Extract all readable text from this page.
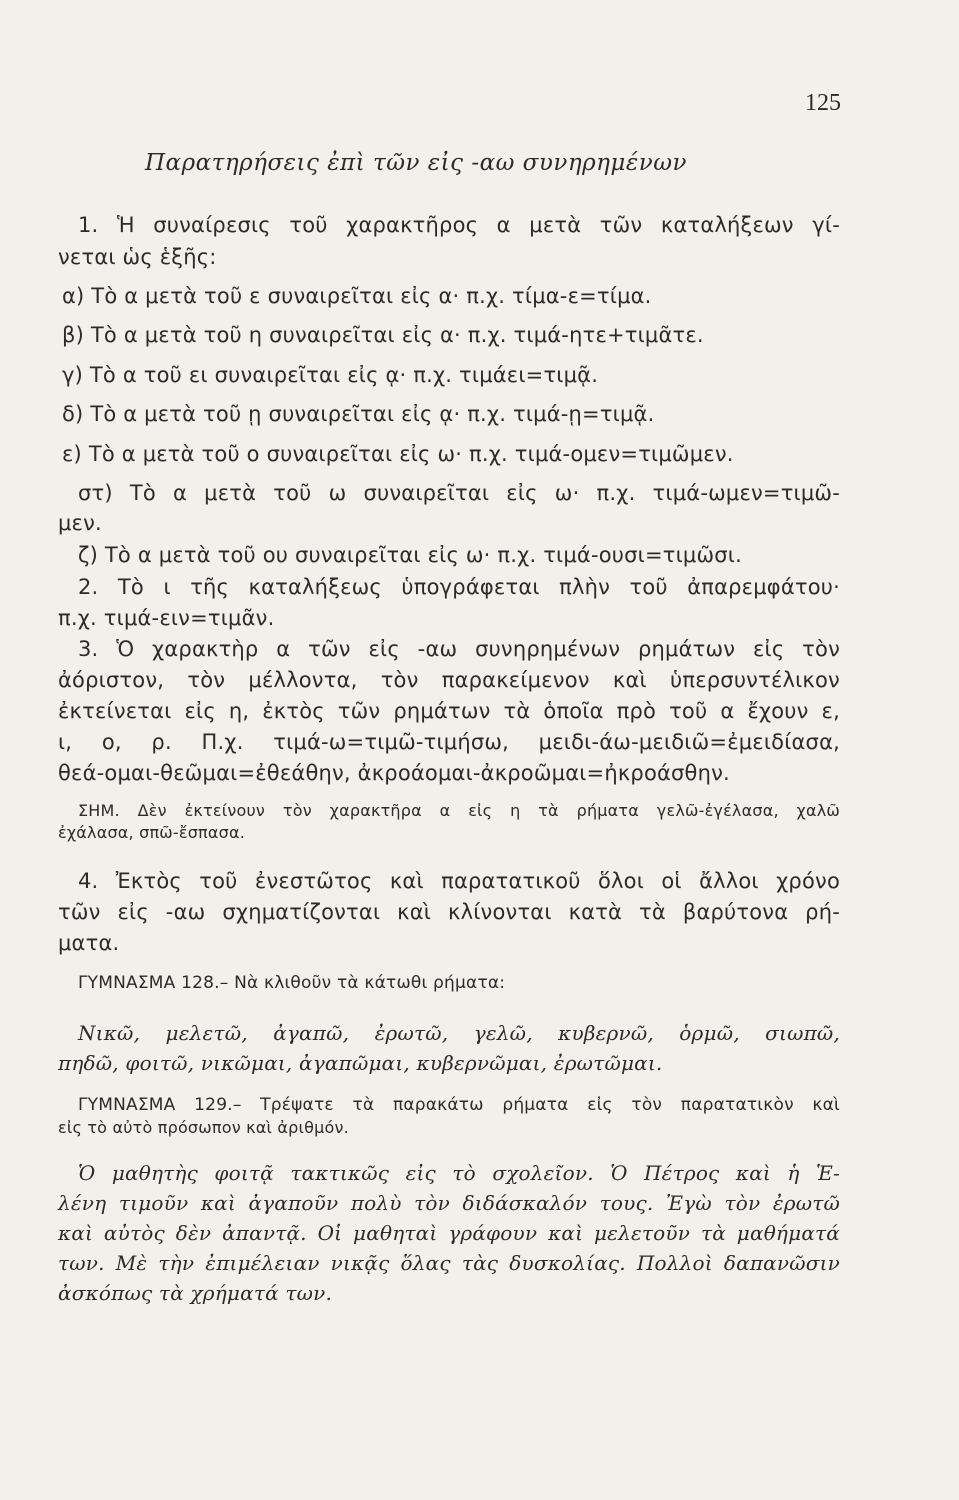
125
Παρατηρήσεις ἐπὶ τῶν εἰς -αω συνηρημένων
1. Ἡ συναίρεσις τοῦ χαρακτῆρος α μετὰ τῶν καταλήξεων γί-
νεται ὡς ἑξῆς:
α) Τὸ α μετὰ τοῦ ε συναιρεῖται εἰς α· π.χ. τίμα-ε=τίμα.
β) Τὸ α μετὰ τοῦ η συναιρεῖται εἰς α· π.χ. τιμά-ητε+τιμᾶτε.
γ) Τὸ α τοῦ ει συναιρεῖται εἰς ᾳ· π.χ. τιμάει=τιμᾷ.
δ) Τὸ α μετὰ τοῦ ῃ συναιρεῖται εἰς ᾳ· π.χ. τιμά-ῃ=τιμᾷ.
ε) Τὸ α μετὰ τοῦ ο συναιρεῖται εἰς ω· π.χ. τιμά-ομεν=τιμῶμεν.
στ) Τὸ α μετὰ τοῦ ω συναιρεῖται εἰς ω· π.χ. τιμά-ωμεν=τιμῶ-
μεν.
ζ) Τὸ α μετὰ τοῦ ου συναιρεῖται εἰς ω· π.χ. τιμά-ουσι=τιμῶσι.
2. Τὸ ι τῆς καταλήξεως ὑπογράφεται πλὴν τοῦ ἀπαρεμφάτου·
π.χ. τιμά-ειν=τιμᾶν.
3. Ὁ χαρακτὴρ α τῶν εἰς -αω συνηρημένων ρημάτων εἰς τὸν
ἀόριστον, τὸν μέλλοντα, τὸν παρακείμενον καὶ ὑπερσυντέλικον
ἐκτείνεται εἰς η, ἐκτὸς τῶν ρημάτων τὰ ὁποῖα πρὸ τοῦ α ἔχουν ε,
ι, ο, ρ. Π.χ. τιμά-ω=τιμῶ-τιμήσω, μειδι-άω-μειδιῶ=ἐμειδίασα,
θεά-ομαι-θεῶμαι=ἐθεάθην, ἀκροάομαι-ἀκροῶμαι=ἠκροάσθην.
ΣΗΜ. Δὲν ἐκτείνουν τὸν χαρακτῆρα α εἰς η τὰ ρήματα γελῶ-ἐγέλασα, χαλῶ
ἐχάλασα, σπῶ-ἔσπασα.
4. Ἐκτὸς τοῦ ἐνεστῶτος καὶ παρατατικοῦ ὅλοι οἱ ἄλλοι χρόνο
τῶν εἰς -αω σχηματίζονται καὶ κλίνονται κατὰ τὰ βαρύτονα ρή-
ματα.
ΓΥΜΝΑΣΜΑ 128.– Νὰ κλιθοῦν τὰ κάτωθι ρήματα:
Νικῶ, μελετῶ, ἀγαπῶ, ἐρωτῶ, γελῶ, κυβερνῶ, ὁρμῶ, σιωπῶ,
πηδῶ, φοιτῶ, νικῶμαι, ἀγαπῶμαι, κυβερνῶμαι, ἐρωτῶμαι.
ΓΥΜΝΑΣΜΑ 129.– Τρέψατε τὰ παρακάτω ρήματα εἰς τὸν παρατατικὸν καὶ
εἰς τὸ αὐτὸ πρόσωπον καὶ ἀριθμόν.
Ὁ μαθητὴς φοιτᾷ τακτικῶς εἰς τὸ σχολεῖον. Ὁ Πέτρος καὶ ἡ Ἑ-
λένη τιμοῦν καὶ ἀγαποῦν πολὺ τὸν διδάσκαλόν τους. Ἐγὼ τὸν ἐρωτῶ
καὶ αὐτὸς δὲν ἀπαντᾷ. Οἱ μαθηταὶ γράφουν καὶ μελετοῦν τὰ μαθήματά
των. Μὲ τὴν ἐπιμέλειαν νικᾷς ὅλας τὰς δυσκολίας. Πολλοὶ δαπανῶσιν
ἀσκόπως τὰ χρήματά των.
